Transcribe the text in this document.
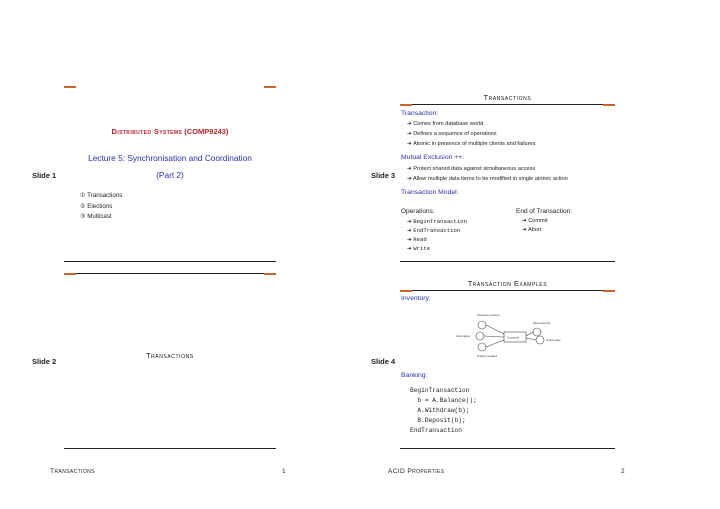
Distributed Systems (COMP9243)
Lecture 5: Synchronisation and Coordination
(Part 2)
Slide 1
① Transactions
② Elections
③ Multicast
Slide 2
Transactions
Transactions	1
Transactions
Slide 3
Transaction:
➜ Comes from database world
➜ Defines a sequence of operations
➜ Atomic in presence of multiple clients and failures
Mutual Exclusion ++:
➜ Protect shared data against simultaneous access
➜ Allow multiple data items to be modified in single atomic action
Transaction Model:
Operations:
➜ BeginTransaction
➜ EndTransaction
➜ Read
➜ Write
End of Transaction:
➜ Commit
➜ Abort
Transaction Examples
Inventory:
Previous inventory
New inventory
Input tapes	Computer
Output tape
Today's updates
Slide 4
Banking:
BeginTransaction
b = A.Balance();
A.Withdraw(b);
B.Deposit(b);
EndTransaction
ACID Properties	2
